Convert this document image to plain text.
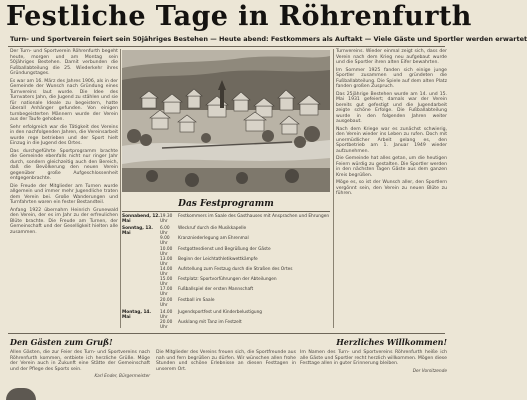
Festliche Tage in Röhrenfurth
Turn- und Sportverein feiert sein 50jähriges Bestehen — Heute abend: Festkommers als Auftakt — Viele Gäste und Sportler werden erwartet

Der Turn- und Sportverein Röhrenfurth begeht heute, morgen und am Montag sein 50jähriges Bestehen. Damit verbunden die Fußballabteilung die 25. Wiederkehr ihres Gründungstages.

Es war am 16. März des Jahres 1906, als in der Gemeinde der Wunsch nach Gründung eines Turnvereins laut wurde. Die Idee des Turnvaters Jahn, die Jugend zu stählen und sie für nationale Ideale zu begeistern, hatte überall Anhänger gefunden. Von einigen turnbegeisterten Männern wurde der Verein aus der Taufe gehoben.

Sehr erfolgreich war die Tätigkeit des Vereins in den nachfolgenden Jahren, die Vereinsarbeit wurde rege betrieben und der Sport hielt Einzug in die Jugend des Ortes.

Das durchgeführte Sportprogramm brachte die Gemeinde ebenfalls nicht nur ringer Jahr durch, sondern gleichzeitig auch den Bereich, daß die Bevölkerung den neuen Verein gegenüber große Aufgeschlossenheit entgegenbrachte.

Die Freude der Mitglieder am Turnen wurde allgemein und immer mehr Jugendliche traten dem Verein bei. Große Wanderungen und Turnfahrten waren ein fester Bestandteil.

Anfang 1922 übernahm Heinrich Grunewald den Verein, der es im Jahr zu der erfreulichen Blüte brachte. Die Freude am Turnen, der Gemeinschaft und der Geselligkeit hielten alle zusammen.

Das Festprogramm
Sonnabend, 12. Mai
19.30 Uhr
Festkommers im Saale des Gasthauses mit Ansprachen und Ehrungen
Sonntag, 13. Mai
6.00 Uhr
Weckruf durch die Musikkapelle
9.00 Uhr
Kranzniederlegung am Ehrenmal
10.00 Uhr
Festgottesdienst und Begrüßung der Gäste
13.00 Uhr
Beginn der Leichtathletikwettkämpfe
14.00 Uhr
Aufstellung zum Festzug durch die Straßen des Ortes
15.00 Uhr
Festplatz: Sportvorführungen der Abteilungen
17.00 Uhr
Fußballspiel der ersten Mannschaft
20.00 Uhr
Festball im Saale
Montag, 14. Mai
14.00 Uhr
Jugendsportfest und Kinderbelustigung
20.00 Uhr
Ausklang mit Tanz im Festzelt

Turnvereins. Wieder einmal zeigt sich, dass der Verein nach dem Krieg neu aufgebaut wurde und die Sportler ihren alten Eifer bewahrten.

Im Sommer 1925 fanden sich einige junge Sportler zusammen und gründeten die Fußballabteilung. Die Spiele auf dem alten Platz fanden großen Zuspruch.

Das 25jährige Bestehen wurde am 14. und 15. Mai 1931 gefeiert; damals war der Verein bereits gut gefestigt und die Jugendarbeit zeigte schöne Erfolge. Die Fußballabteilung wurde in den folgenden Jahren weiter ausgebaut.

Nach dem Kriege war es zunächst schwierig, den Verein wieder ins Leben zu rufen. Doch mit unermüdlicher Arbeit gelang es, den Sportbetrieb am 1. Januar 1949 wieder aufzunehmen.

Die Gemeinde hat alles getan, um die heutigen Feiern würdig zu gestalten. Die Sportler werden in den nächsten Tagen Gäste aus dem ganzen Kreis begrüßen.

Möge es, so ist der Wunsch aller, den Sportlern vergönnt sein, den Verein zu neuen Blüte zu führen.

Den Gästen zum Gruß!

Allen Gästen, die zur Feier des Turn- und Sportvereins nach Röhrenfurth kommen, entbiete ich herzliche Grüße. Möge der Verein auch in Zukunft eine Stätte der Gemeinschaft und der Pflege des Sports sein.

Karl Ender, Bürgermeister

Die Mitglieder des Vereins freuen sich, die Sportfreunde aus nah und fern begrüßen zu dürfen. Wir wünschen allen frohe Stunden und schöne Erlebnisse an diesen Festtagen in unserem Ort.

Herzliches Willkommen!

Im Namen des Turn- und Sportvereins Röhrenfurth heiße ich alle Gäste und Sportler recht herzlich willkommen. Mögen diese Festtage allen in guter Erinnerung bleiben.

Der Vorsitzende
